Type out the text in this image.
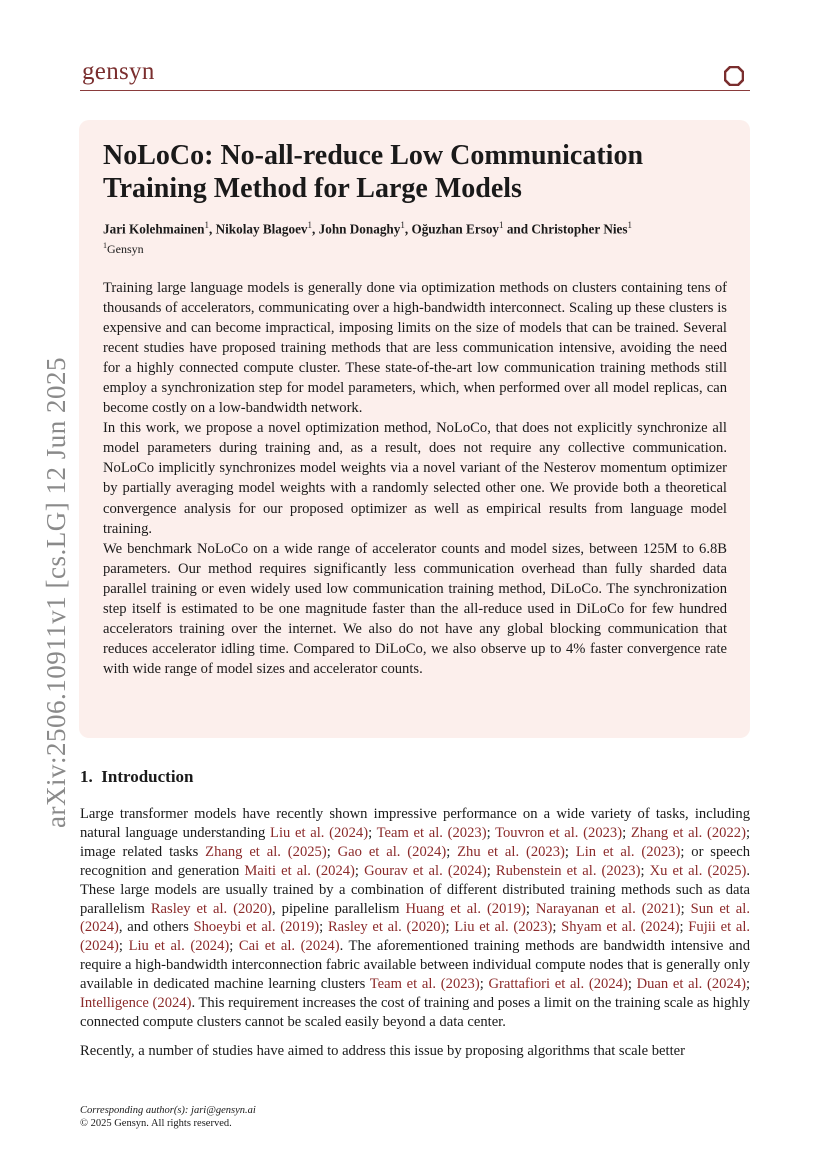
gensyn
arXiv:2506.10911v1 [cs.LG] 12 Jun 2025
NoLoCo: No-all-reduce Low Communication Training Method for Large Models
Jari Kolehmainen$^1$, Nikolay Blagoev$^1$, John Donaghy$^1$, Oğuzhan Ersoy$^1$ and Christopher Nies$^1$
$^1$Gensyn

Training large language models is generally done via optimization methods on clusters containing tens of thousands of accelerators, communicating over a high-bandwidth interconnect. Scaling up these clusters is expensive and can become impractical, imposing limits on the size of models that can be trained. Several recent studies have proposed training methods that are less communication intensive, avoiding the need for a highly connected compute cluster. These state-of-the-art low communication training methods still employ a synchronization step for model parameters, which, when performed over all model replicas, can become costly on a low-bandwidth network.

In this work, we propose a novel optimization method, NoLoCo, that does not explicitly synchronize all model parameters during training and, as a result, does not require any collective communication. NoLoCo implicitly synchronizes model weights via a novel variant of the Nesterov momentum optimizer by partially averaging model weights with a randomly selected other one. We provide both a theoretical convergence analysis for our proposed optimizer as well as empirical results from language model training.

We benchmark NoLoCo on a wide range of accelerator counts and model sizes, between 125M to 6.8B parameters. Our method requires significantly less communication overhead than fully sharded data parallel training or even widely used low communication training method, DiLoCo. The synchronization step itself is estimated to be one magnitude faster than the all-reduce used in DiLoCo for few hundred accelerators training over the internet. We also do not have any global blocking communication that reduces accelerator idling time. Compared to DiLoCo, we also observe up to 4% faster convergence rate with wide range of model sizes and accelerator counts.

1. Introduction

Large transformer models have recently shown impressive performance on a wide variety of tasks, including natural language understanding Liu et al. (2024); Team et al. (2023); Touvron et al. (2023); Zhang et al. (2022); image related tasks Zhang et al. (2025); Gao et al. (2024); Zhu et al. (2023); Lin et al. (2023); or speech recognition and generation Maiti et al. (2024); Gourav et al. (2024); Rubenstein et al. (2023); Xu et al. (2025). These large models are usually trained by a combination of different distributed training methods such as data parallelism Rasley et al. (2020), pipeline parallelism Huang et al. (2019); Narayanan et al. (2021); Sun et al. (2024), and others Shoeybi et al. (2019); Rasley et al. (2020); Liu et al. (2023); Shyam et al. (2024); Fujii et al. (2024); Liu et al. (2024); Cai et al. (2024). The aforementioned training methods are bandwidth intensive and require a high-bandwidth interconnection fabric available between individual compute nodes that is generally only available in dedicated machine learning clusters Team et al. (2023); Grattafiori et al. (2024); Duan et al. (2024); Intelligence (2024). This requirement increases the cost of training and poses a limit on the training scale as highly connected compute clusters cannot be scaled easily beyond a data center.

Recently, a number of studies have aimed to address this issue by proposing algorithms that scale better

Corresponding author(s): jari@gensyn.ai
© 2025 Gensyn. All rights reserved.
